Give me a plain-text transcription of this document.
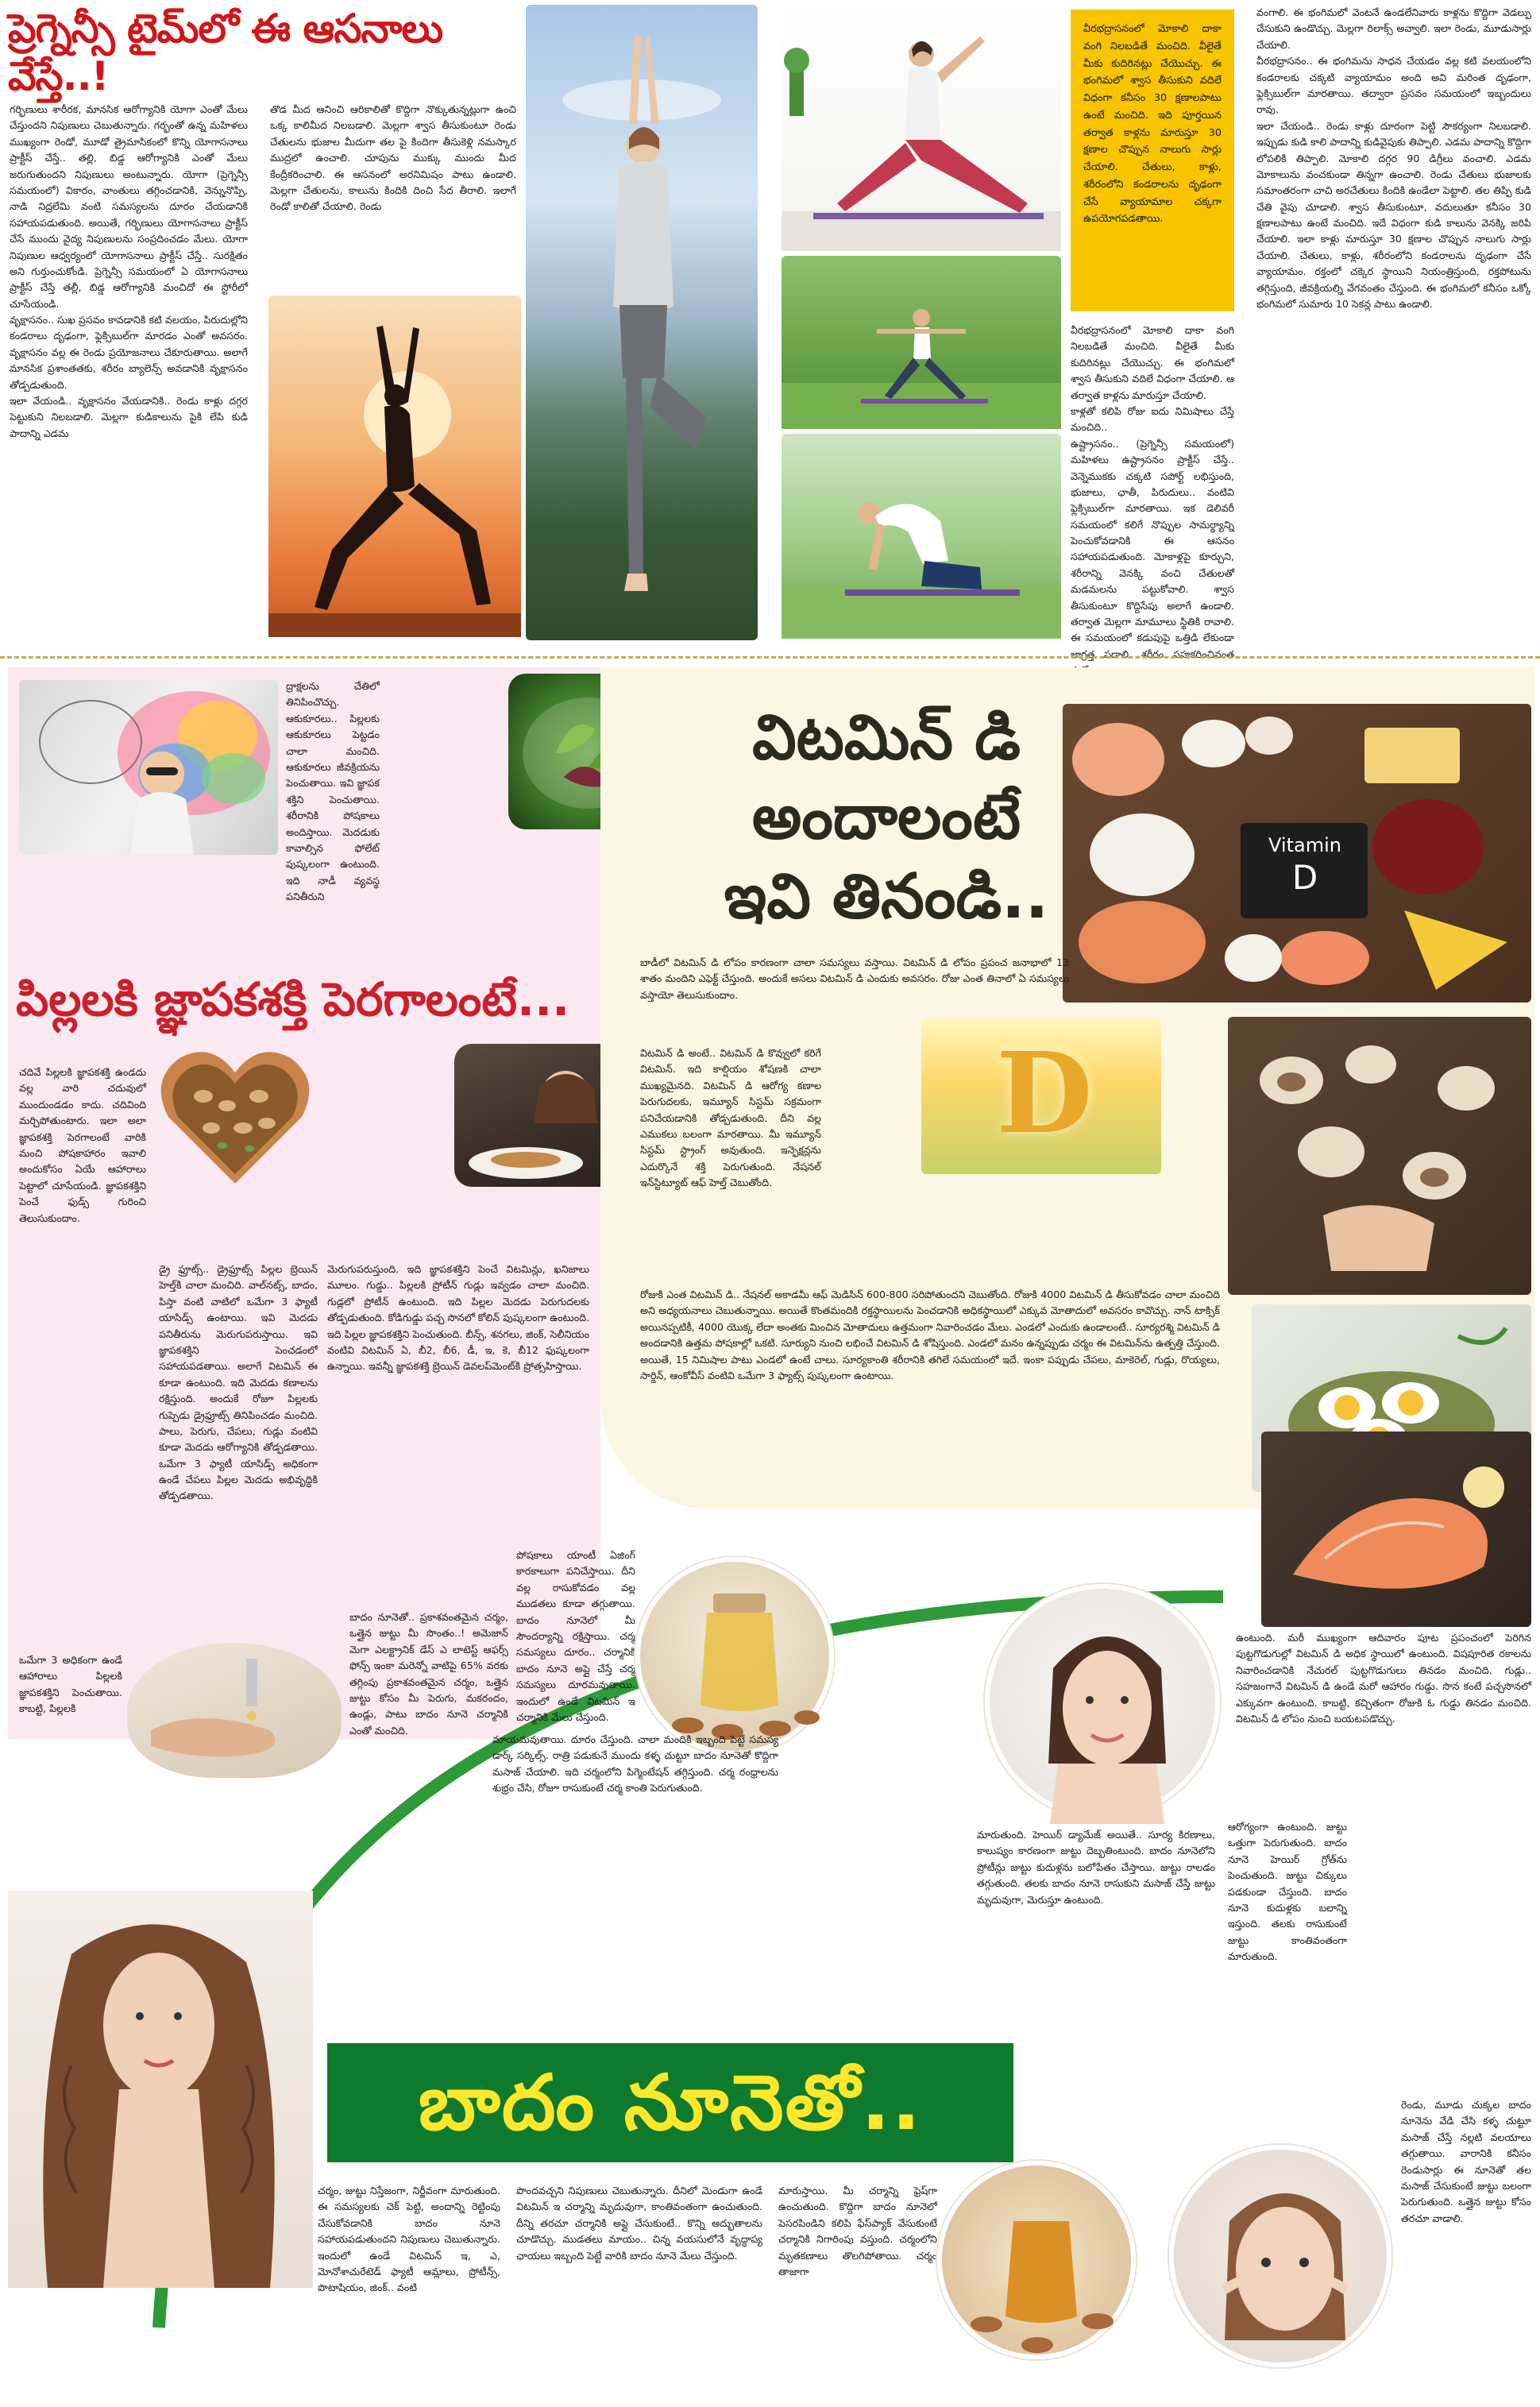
ప్రెగ్నెన్సీ టైమ్‌లో ఈ ఆసనాలు వేస్తే..!
గర్భిణులు శారీరక, మానసిక ఆరోగ్యానికి యోగా ఎంతో మేలు చేస్తుందని నిపుణులు చెబుతున్నారు. గర్భంతో ఉన్న మహిళలు ముఖ్యంగా రెండో, మూడో త్రైమాసికంలో కొన్ని యోగాసనాలు ప్రాక్టీస్ చేస్తే.. తల్లి, బిడ్డ ఆరోగ్యానికి ఎంతో మేలు జరుగుతుందని నిపుణులు అంటున్నారు. యోగా (ప్రెగ్నెన్సీ సమయంలో) వికారం, వాంతులు తగ్గించడానికి, వెన్నునొప్పి, నాడి నిద్రలేమి వంటి సమస్యలను దూరం చేయడానికి సహాయపడుతుంది. అయితే, గర్భిణులు యోగాసనాలు ప్రాక్టీస్ చేసే ముందు వైద్య నిపుణులను సంప్రదించడం మేలు. యోగా నిపుణుల ఆధ్వర్యంలో యోగాసనాలు ప్రాక్టీస్ చేస్తే.. సురక్షితం అని గుర్తుంచుకోండి. ప్రెగ్నెన్సీ సమయంలో ఏ యోగాసనాలు ప్రాక్టీస్ చేస్తే తల్లీ, బిడ్డ ఆరోగ్యానికి మంచిదో ఈ స్టోరీలో చూసేయండి.
వృక్షాసనం.. సుఖ ప్రసవం కావడానికి కటి వలయం, పిరుదుల్లోని కండరాలు దృఢంగా, ఫ్లెక్సిబుల్‌గా మారడం ఎంతో అవసరం. వృక్షాసనం వల్ల ఈ రెండు ప్రయోజనాలు చేకూరుతాయి. అలాగే మానసిక ప్రశాంతతకు, శరీరం బ్యాలెన్స్ అవడానికి వృక్షాసనం తోడ్పడుతుంది.
ఇలా వేయండి.. వృక్షాసనం వేయడానికి.. రెండు కాళ్లు దగ్గర పెట్టుకుని నిలబడాలి. మెల్లగా కుడికాలును పైకి లేపి కుడి పాదాన్ని ఎడమ
తొడ మీద ఆనించి ఆరికాలితో కొద్దిగా నొక్కుతున్నట్లుగా ఉంచి ఒక్క కాలిమీద నిలబడాలి. మెల్లగా శ్వాస తీసుకుంటూ రెండు చేతులను భుజాల మీదుగా తల పై కిందిగా తీసుకెళ్లి నమస్కార ముద్రలో ఉంచాలి. చూపును ముక్కు ముందు మీద కేంద్రీకరించాలి. ఈ ఆసనంలో అరనిమిషం పాటు ఉండాలి. మెల్లగా చేతులను, కాలును కిందికి దించి సేద తీరాలి. ఇలాగే రెండో కాలితో చేయాలి. రెండు
వీరభద్రాసనంలో మోకాలి దాకా వంగి నిలబడితే మంచిది. వీలైతే మీకు కుదిరినట్లు చేయొచ్చు. ఈ భంగిమలో శ్వాస తీసుకుని వదిలే విధంగా కనీసం 30 క్షణాలపాటు ఉంటే మంచిది. ఇది పూర్తయిన తర్వాత కాళ్లను మారుస్తూ 30 క్షణాల చొప్పున నాలుగు సార్లు చేయాలి. చేతులు, కాళ్లు, శరీరంలోని కండరాలను దృఢంగా చేసే వ్యాయామాల చక్కగా ఉపయోగపడతాయి.
వీరభద్రాసనంలో మోకాలి దాకా వంగి నిలబడితే మంచిది. వీలైతే మీకు కుదిరినట్లు చేయొచ్చు. ఈ భంగిమలో శ్వాస తీసుకుని వదిలే విధంగా చేయాలి. ఆ తర్వాత కాళ్లను మారుస్తూ చేయాలి.
కాళ్లతో కలిపి రోజు ఐదు నిమిషాలు చేస్తే మంచిది..
ఉష్ట్రాసనం.. (ప్రెగ్నెన్సీ సమయంలో) మహిళలు ఉష్ట్రాసనం ప్రాక్టీస్ చేస్తే.. వెన్నెముకకు చక్కటి సపోర్ట్ లభిస్తుంది, భుజాలు, ఛాతీ, పిరుదులు.. వంటివి ఫ్లెక్సిబుల్‌గా మారతాయి. ఇక డెలివరీ సమయంలో కలిగే నొప్పుల సామర్థ్యాన్ని పెంచుకోవడానికి ఈ ఆసనం సహాయపడుతుంది. మోకాళ్లపై కూర్చుని, శరీరాన్ని వెనక్కి వంచి చేతులతో మడమలను పట్టుకోవాలి. శ్వాస తీసుకుంటూ కొద్దిసేపు అలాగే ఉండాలి. తర్వాత మెల్లగా మామూలు స్థితికి రావాలి. ఈ సమయంలో కడుపుపై ఒత్తిడి లేకుండా జాగ్రత్త పడాలి. శరీరం సహకరించినంత
వంగాలి. ఈ భంగిమలో వెంటనే ఉండలేనివారు కాళ్లను కొద్దిగా వెడల్పు చేసుకుని ఉండొచ్చు. మెల్లగా రిలాక్స్ అవ్వాలి. ఇలా రెండు, మూడుసార్లు చేయాలి.
వీరభద్రాసనం.. ఈ భంగిమను సాధన చేయడం వల్ల కటి వలయంలోని కండరాలకు చక్కటి వ్యాయామం అంది అవి మరింత దృఢంగా, ఫ్లెక్సిబుల్‌గా మారతాయి. తద్వారా ప్రసవం సమయంలో ఇబ్బందులు రావు.
ఇలా చేయండి.. రెండు కాళ్లు దూరంగా పెట్టి సౌకర్యంగా నిలబడాలి. ఇప్పుడు కుడి కాలి పాదాన్ని కుడివైపుకు తిప్పాలి. ఎడమ పాదాన్ని కొద్దిగా లోపలికి తిప్పాలి. మోకాలి దగ్గర 90 డిగ్రీలు వంచాలి. ఎడమ మోకాలును వంచకుండా తిన్నగా ఉంచాలి. రెండు చేతులు భుజాలకు సమాంతరంగా చాచి అరచేతులు కిందికి ఉండేలా పెట్టాలి. తల తిప్పి కుడి చేతి వైపు చూడాలి. శ్వాస తీసుకుంటూ, వదులుతూ కనీసం 30 క్షణాలపాటు ఉంటే మంచిది. ఇదే విధంగా కుడి కాలును వెనక్కి జరిపి చేయాలి. ఇలా కాళ్లు మారుస్తూ 30 క్షణాల చొప్పున నాలుగు సార్లు చేయాలి. చేతులు, కాళ్లు, శరీరంలోని కండరాలను దృఢంగా చేసే వ్యాయామం. రక్తంలో చక్కెర స్థాయిని నియంత్రిస్తుంది, రక్తపోటును తగ్గిస్తుంది, జీవక్రియల్ని వేగవంతం చేస్తుంది. ఈ భంగిమలో కనీసం ఒక్కో భంగిమలో సుమారు 10 సెకన్ల పాటు ఉండాలి.
ద్రాక్షలను చేతిలో తినిపించొచ్చు. ఆకుకూరలు.. పిల్లలకు ఆకుకూరలు పెట్టడం చాలా మంచిది. ఆకుకూరలు జీవక్రియను పెంచుతాయి. ఇవి జ్ఞాపక శక్తిని పెంచుతాయి. శరీరానికి పోషకాలు అందిస్తాయి. మెదడుకు కావాల్సిన ఫోలేట్ పుష్కలంగా ఉంటుంది. ఇది నాడీ వ్యవస్థ పనితీరుని
పిల్లలకి జ్ఞాపకశక్తి పెరగాలంటే...
చదివే పిల్లలకి జ్ఞాపకశక్తి ఉండదు వల్ల వారి చదువులో ముందుండడం కాదు. చదివింది మర్చిపోతుంటారు. ఇలా అలా జ్ఞాపకశక్తి పెరగాలంటే వారికి మంచి పోషకాహారం ఇవాలి అందుకోసం ఏయే ఆహారాలు పెట్టాలో చూసేయండి. జ్ఞాపకశక్తిని పెంచే ఫుడ్స్ గురించి తెలుసుకుందాం.
డ్రై ఫ్రూట్స్.. డ్రైఫ్రూట్స్ పిల్లల బ్రెయిన్ హెల్త్‌కి చాలా మంచిది. వాల్‌నట్స్, బాదం, పిస్తా వంటి వాటిలో ఒమేగా 3 ఫ్యాటీ యాసిడ్స్ ఉంటాయి. ఇవి మెదడు పనితీరును మెరుగుపరుస్తాయి. ఇవి జ్ఞాపకశక్తిని పెంచడంలో సహాయపడతాయి. అలాగే విటమిన్ ఈ కూడా ఉంటుంది. ఇది మెదడు కణాలను రక్షిస్తుంది. అందుకే రోజూ పిల్లలకు గుప్పెడు డ్రైఫ్రూట్స్ తినిపించడం మంచిది. పాలు, పెరుగు, చేపలు, గుడ్లు వంటివి కూడా మెదడు ఆరోగ్యానికి తోడ్పడతాయి. ఒమేగా 3 ఫ్యాటీ యాసిడ్స్ అధికంగా ఉండే చేపలు పిల్లల మెదడు అభివృద్ధికి తోడ్పడతాయి.
మెరుగుపరుస్తుంది. ఇది జ్ఞాపకశక్తిని పెంచే విటమిన్లు, ఖనిజాలు మూలం. గుడ్డు.. పిల్లలకి ప్రోటీన్ గుడ్లు ఇవ్వడం చాలా మంచిది. గుడ్లలో ప్రోటీన్ ఉంటుంది. ఇది పిల్లల మెదడు పెరుగుదలకు తోడ్పడుతుంది. కోడిగుడ్డు పచ్చ సొనలో కోలిన్ పుష్కలంగా ఉంటుంది. ఇది పిల్లల జ్ఞాపకశక్తిని పెంచుతుంది. బీన్స్, శనగలు, జింక్, సెలీనియం వంటివి విటమిన్ ఏ, బీ2, బీ6, డీ, ఇ, కె, బీ12 ఫుష్కలంగా ఉన్నాయి. ఇవన్నీ జ్ఞాపకశక్తి బ్రెయిన్ డెవలప్‌మెంట్‌కి ప్రోత్సహిస్తాయి.
ఒమేగా 3 అధికంగా ఉండే ఆహారాలు పిల్లలకి జ్ఞాపకశక్తిని పెంచుతాయి. కాబట్టి, పిల్లలకి
విటమిన్ డి
అందాలంటే
ఇవి తినండి..
Vitamin
D
బాడీలో విటమిన్ డి లోపం కారణంగా చాలా సమస్యలు వస్తాయి. విటమిన్ డి లోపం ప్రపంచ జనాభాలో 13 శాతం మందిని ఎఫెక్ట్ చేస్తుంది. అందుకే అసలు విటమిన్ డి ఎందుకు అవసరం. రోజు ఎంత తినాలో ఏ సమస్యలు వస్తాయో తెలుసుకుందాం.
విటమిన్ డి అంటే.. విటమిన్ డి కొవ్వులో కరిగే విటమిన్. ఇది కాల్షియం శోషణకి చాలా ముఖ్యమైనది. విటమిన్ డి ఆరోగ్య కణాల పెరుగుదలకు, ఇమ్యూన్ సిస్టమ్ సక్రమంగా పనిచేయడానికి తోడ్పడుతుంది. దీని వల్ల ఎముకలు బలంగా మారతాయి. మీ ఇమ్యూన్ సిస్టమ్ స్ట్రాంగ్ అవుతుంది. ఇన్ఫెక్షన్లను ఎదుర్కొనే శక్తి పెరుగుతుంది. నేషనల్ ఇన్‌స్టిట్యూట్ ఆఫ్ హెల్త్ చెబుతోంది.
D
రోజుకి ఎంత విటమిన్ డి.. నేషనల్ అకాడమీ ఆఫ్ మెడిసిన్ 600-800 సరిపోతుందని చెబుతోంది. రోజుకి 4000 విటమిన్ డి తీసుకోవడం చాలా మంచిది అని అధ్యయనాలు చెబుతున్నాయి. అయితే కొంతమందికి రక్తస్థాయిలను పెంచడానికి అధికస్థాయిలో ఎక్కువ మోతాదులో అవసరం కావొచ్చు. నాన్ టాక్సిక్ అయినప్పటికీ, 4000 యొక్క లేదా అంతకు మించిన మోతాదులు ఉత్తమంగా నివారించడం మేలు. ఎండలో ఎందుకు ఉండాలంటే.. సూర్యరశ్మి విటమిన్ డి అందడానికి ఉత్తమ పోషకాల్లో ఒకటి. సూర్యుని నుంచి లభించే విటమిన్ డి శోషిస్తుంది. ఎండలో మనం ఉన్నప్పుడు చర్మం ఈ విటమిన్‌ను ఉత్పత్తి చేస్తుంది. అయితే, 15 నిమిషాల పాటు ఎండలో ఉంటే చాలు. సూర్యకాంతి శరీరానికి తగిలే సమయంలో ఇదే. ఇంకా పప్పుడు చేపలు, మాకెరెల్, గుడ్లు, రొయ్యలు, సార్డిన్, ఆంకోవీస్ వంటివి ఒమేగా 3 ఫ్యాట్స్ పుష్కలంగా ఉంటాయి.
ఉంటుంది. మరీ ముఖ్యంగా ఆదివారం పూట ప్రపంచంలో పెరిగిన పుట్టగొడుగుల్లో విటమిన్ డి అధిక స్థాయిలో ఉంటుంది. విషపూరిత రకాలను నివారించడానికి నేచురల్ పుట్టగొడుగులు తినడం మంచిది. గుడ్లు.. సహజంగానే విటమిన్ డి ఉండే మరో ఆహారం గుడ్డు. సొన కంటే పచ్చసొనలో ఎక్కువగా ఉంటుంది. కాబట్టి, కచ్చితంగా రోజుకి ఓ గుడ్డు తినడం మంచిది. విటమిన్ డి లోపం నుంచి బయటపడొచ్చు.
పోషకాలు యాంటీ ఏజింగ్ కారకాలుగా పనిచేస్తాయి. దీని వల్ల రాసుకోవడం వల్ల ముడతలు కూడా తగ్గుతాయి. బాదం నూనెలో మీ సౌందర్యాన్ని రక్షిస్తాయి. చర్మ సమస్యలు దూరం.. చర్మానికి బాదం నూనె అప్లై చేస్తే చర్మ సమస్యలు దూరమవుతాయి. ఇందులో ఉండే విటమిన్ ఇ చర్మానికి మేలు చేస్తుంది.
బాదం నూనెతో.. ప్రకాశవంతమైన చర్మం, ఒత్తైన జుట్టు మీ సొంతం..! అమెజాన్ మెగా ఎలక్ట్రానిక్ డేస్ ఎ లాటెస్ట్ ఆఫర్స్ ఫోన్స్ ఇంకా మరెన్నో వాటిపై 65% వరకు తగ్గింపు ప్రకాశవంతమైన చర్మం, ఒత్తైన జుట్టు కోసం మీ పెరుగు, మకరందం, ఉండ్లు, పాటు బాదం నూనె చర్మానికి ఎంతో మంచిది.
మాయమవుతాయి. దూరం చేస్తుంది. చాలా మందికి ఇబ్బంది పెట్టే సమస్య డార్క్ సర్కిల్స్. రాత్రి పడుకునే ముందు కళ్ళ చుట్టూ బాదం నూనెతో కొద్దిగా మసాజ్ చేయాలి. ఇది చర్మంలోని పిగ్మెంటేషన్ తగ్గిస్తుంది. చర్మ రంధ్రాలను శుభ్రం చేసి, రోజూ రాసుకుంటే చర్మ కాంతి పెరుగుతుంది.
మారుతుంది. హెయిర్ డ్యామేజ్ అయితే.. సూర్య కిరణాలు, కాలుష్యం కారణంగా జుట్టు దెబ్బతింటుంది. బాదం నూనెలోని ప్రోటీన్లు జుట్టు కుదుళ్లను బలోపేతం చేస్తాయి. జుట్టు రాలడం తగ్గుతుంది. తలకు బాదం నూనె రాసుకుని మసాజ్ చేస్తే జుట్టు మృదువుగా, మెరుస్తూ ఉంటుంది.
ఆరోగ్యంగా ఉంటుంది. జుట్టు ఒత్తుగా పెరుగుతుంది. బాదం నూనె హెయిర్ గ్రోత్‌ను పెంచుతుంది. జుట్టు చిక్కులు పడకుండా చేస్తుంది. బాదం నూనె కుదుళ్లకు బలాన్ని ఇస్తుంది. తలకు రాసుకుంటే జుట్టు కాంతివంతంగా మారుతుంది.
బాదం నూనెతో..
చర్మం, జుట్టు నిస్తేజంగా, నిర్జీవంగా మారుతుంది. ఈ సమస్యలకు చెక్ పెట్టి, అందాన్ని రెట్టింపు చేసుకోవడానికి బాదం నూనె సహాయపడుతుందని నిపుణులు చెబుతున్నారు. ఇందులో ఉండే విటమిన్ ఇ, ఎ, మోనోశాచురేటెడ్ ఫ్యాటీ ఆమ్లాలు, ప్రోటీన్స్, పొటాషియం, జింక్.. వంటి
పొందవచ్చని నిపుణులు చెబుతున్నారు. దీనిలో మెండుగా ఉండే విటమిన్ ఇ చర్మాన్ని మృదువుగా, కాంతివంతంగా ఉంచుతుంది. దీన్ని తరచూ చర్మానికి అప్లై చేసుకుంటే.. కొన్ని అద్భుతాలను చూడొచ్చు. ముడతలు మాయం.. చిన్న వయసులోనే వృద్ధాప్య ఛాయలు ఇబ్బంది పెట్టే వారికి బాదం నూనె మేలు చేస్తుంది.
మారుస్తాయి. మీ చర్మాన్ని ఫ్రెష్‌గా ఉంచుతుంది. కొద్దిగా బాదం నూనెలో పెసరపిండిని కలిపి ఫేస్‌ప్యాక్ వేసుకుంటే చర్మానికి నిగారింపు వస్తుంది. చర్మంలోని మృతకణాలు తొలగిపోతాయి. చర్మం తాజాగా
రెండు, మూడు చుక్కల బాదం నూనెను వేడి చేసి కళ్ళ చుట్టూ మసాజ్ చేస్తే నల్లటి వలయాలు తగ్గుతాయి. వారానికి కనీసం రెండుసార్లు ఈ నూనెతో తల మసాజ్ చేసుకుంటే జుట్టు బలంగా పెరుగుతుంది. ఒత్తైన జుట్టు కోసం తరచూ వాడాలి.
